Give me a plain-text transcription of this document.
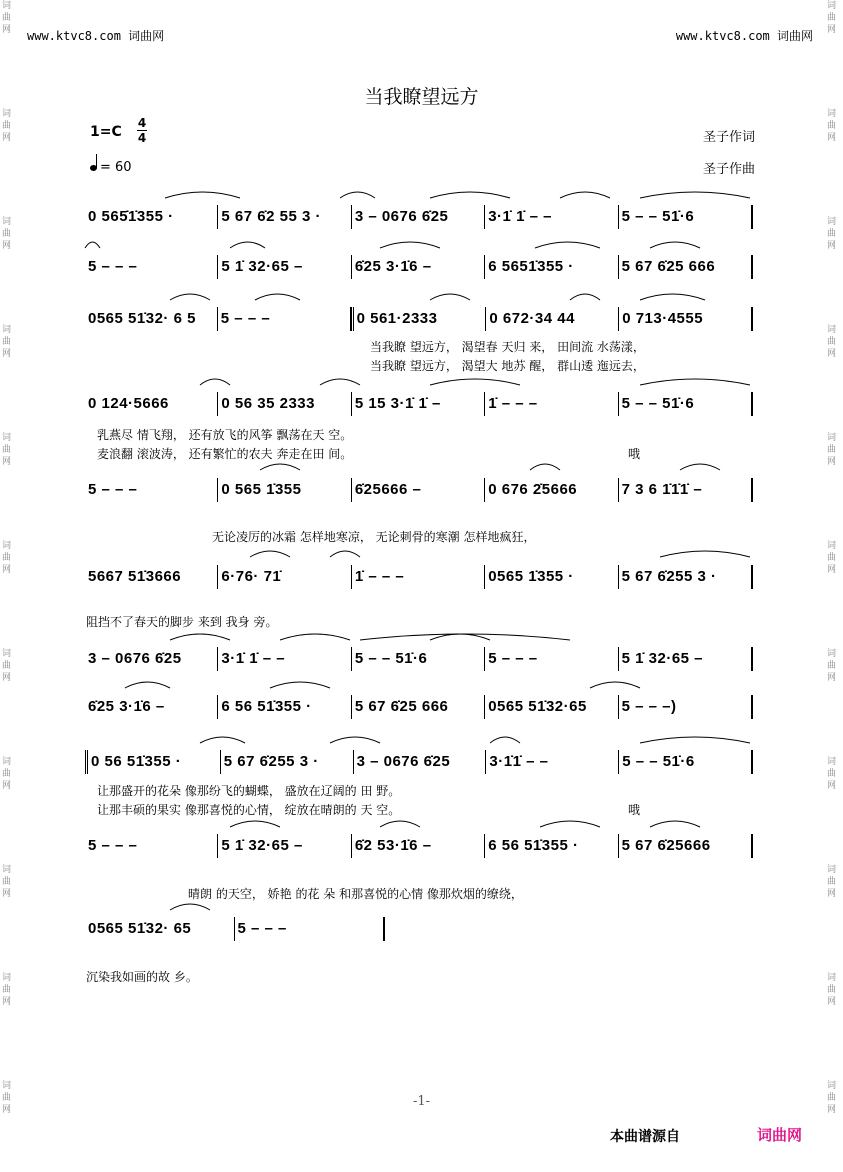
词
曲
网

词
曲
网

词
曲
网

词
曲
网

词
曲
网

词
曲
网

词
曲
网

词
曲
网

词
曲
网

词
曲
网

词
曲
网
词
曲
网

词
曲
网

词
曲
网

词
曲
网

词
曲
网

词
曲
网

词
曲
网

词
曲
网

词
曲
网

词
曲
网

词
曲
网
www.ktvc8.com 词曲网	www.ktvc8.com 词曲网
当我瞭望远方
1=C
4
4
= 60
圣子作词
圣子作曲
0 565̇1̇355 ·	5 67 6̇2 55 3 ·	3 – 0676 6̇25	3·1̇ 1̇ – –	5 – – 51̇·6
5 – – –	5 1̇ 32·65 –	6̇25 3·1̇6 –	6 5651̇355 ·	5 67 6̇25 666
0565 51̇32· 6 5	5 – – –	0 561·2333	0 672·34 44	0 713·4555
0 124·5666	0 56 35 2333	5 15 3·1̇ 1̇ –	1̇ – – –	5 – – 51̇·6
5 – – –	0 565 1̇355	6̇25666 –	0 676 2̇5666	7 3 6 1̇1̇1̇ –
5667 51̇3666	6·76· 71̇	1̇ – – –	0565 1̇355 ·	5 67 6̇255 3 ·
3 – 0676 6̇25	3·1̇ 1̇ – –	5 – – 51̇·6	5 – – –	5 1̇ 32·65 –
6̇25 3·1̇6 –	6 56 51̇355 ·	5 67 6̇25 666	0565 51̇32·65	5 – – –)
0 56 51̇355 ·	5 67 6̇255 3 ·	3 – 0676 6̇25	3·1̇1̇ – –	5 – – 51̇·6
5 – – –	5 1̇ 32·65 –	6̇2 53·1̇6 –	6 56 51̇355 ·	5 67 6̇25666
0565 51̇32· 65	5 – – –
当我瞭 望远方， 渴望春 天归 来， 田间流 水荡漾，
当我瞭 望远方， 渴望大 地苏 醒， 群山逶 迤远去，
乳燕尽 情飞翔， 还有放飞的风筝 飘荡在天 空。
麦浪翻 滚波涛， 还有繁忙的农夫 奔走在田 间。	哦
无论凌厉的冰霜 怎样地寒凉， 无论刺骨的寒潮 怎样地疯狂，
阻挡不了春天的脚步 来到 我身 旁。
让那盛开的花朵 像那纷飞的蝴蝶， 盛放在辽阔的 田 野。
让那丰硕的果实 像那喜悦的心情， 绽放在晴朗的 天 空。	哦
晴朗 的天空， 娇艳 的花 朵 和那喜悦的心情 像那炊烟的缭绕，
沉染我如画的故 乡。
-1-
本曲谱源自	词曲网
